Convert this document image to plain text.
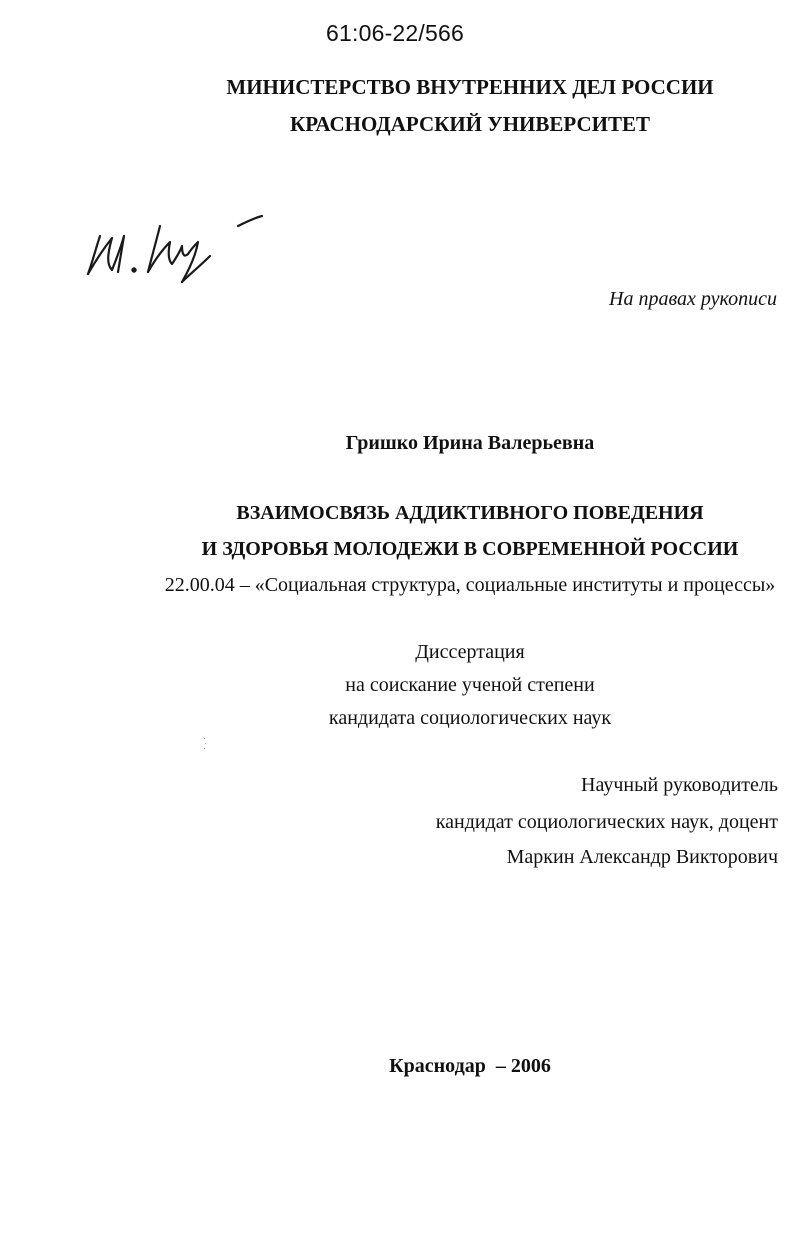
61:06-22/566
МИНИСТЕРСТВО ВНУТРЕННИХ ДЕЛ РОССИИ
КРАСНОДАРСКИЙ УНИВЕРСИТЕТ
На правах рукописи
Гришко Ирина Валерьевна
ВЗАИМОСВЯЗЬ АДДИКТИВНОГО ПОВЕДЕНИЯ
И ЗДОРОВЬЯ МОЛОДЕЖИ В СОВРЕМЕННОЙ РОССИИ
22.00.04 – «Социальная структура, социальные институты и процессы»
Диссертация
на соискание ученой степени
кандидата социологических наук
Научный руководитель
кандидат социологических наук, доцент
Маркин Александр Викторович
Краснодар  – 2006
